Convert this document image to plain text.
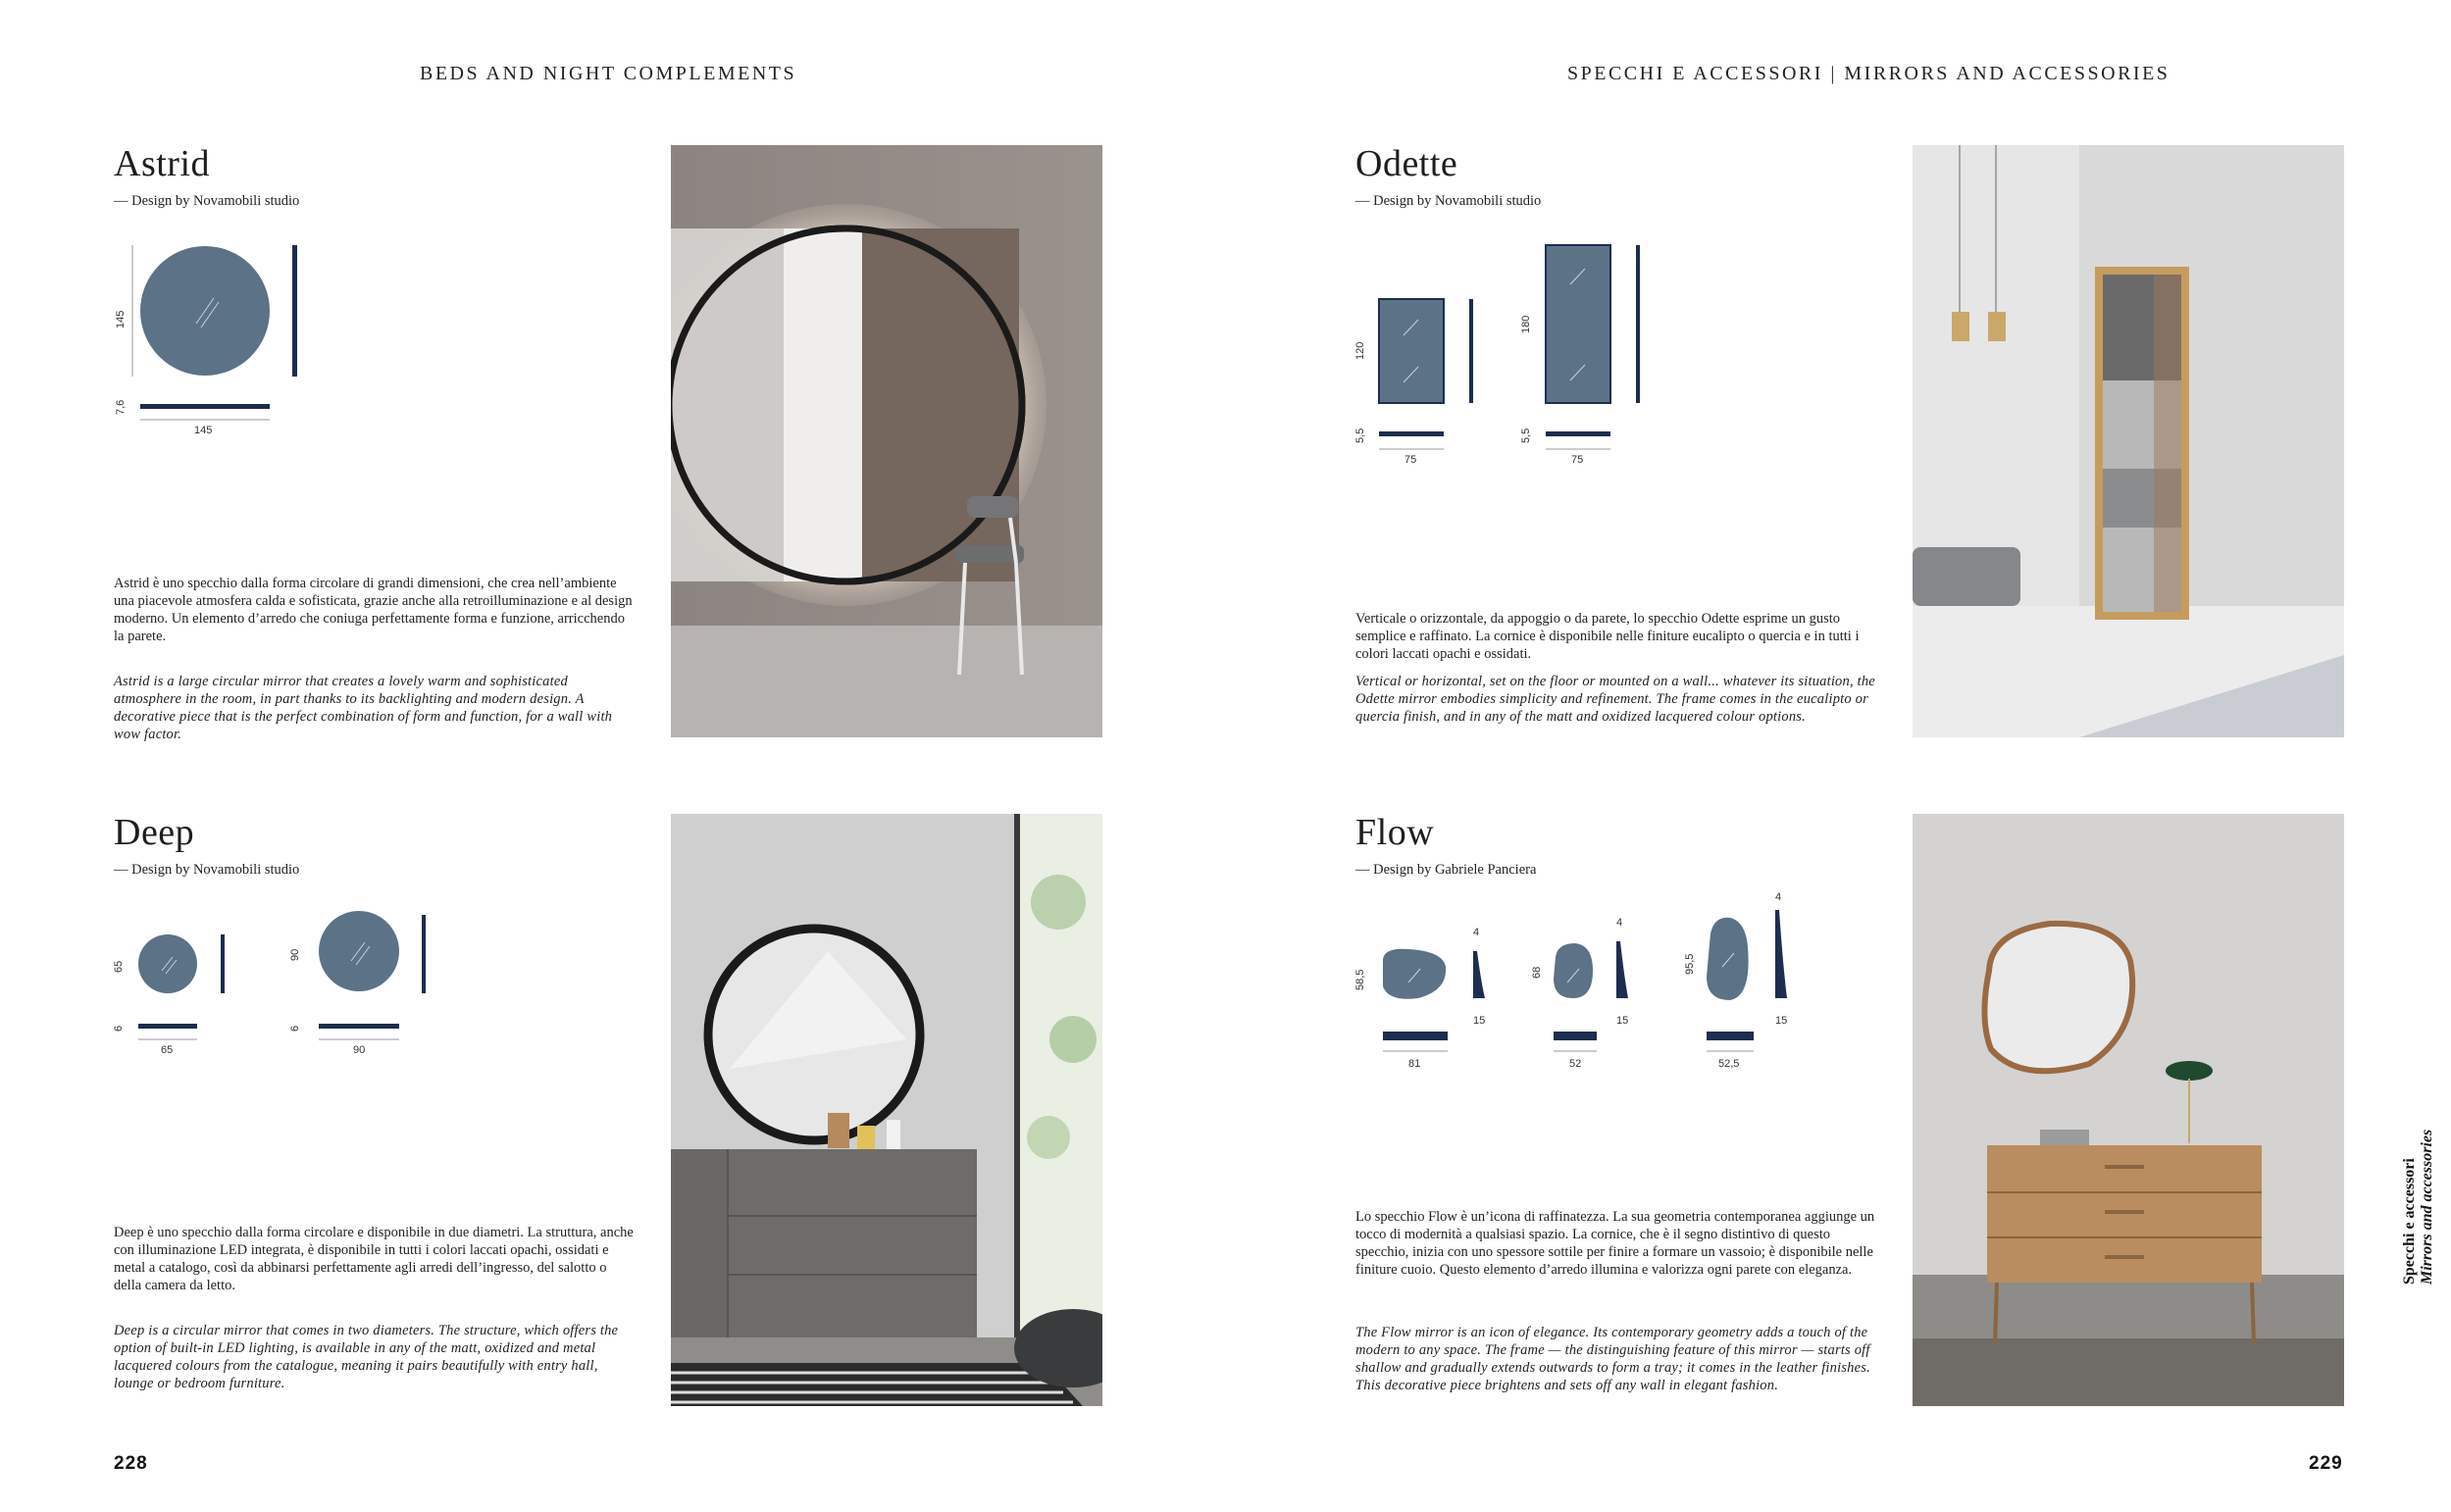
BEDS AND NIGHT COMPLEMENTS	SPECCHI E ACCESSORI | MIRRORS AND ACCESSORIES
Astrid
— Design by Novamobili studio
145
7,6
145
Astrid è uno specchio dalla forma circolare di grandi dimensioni, che crea nell’ambiente una piacevole atmosfera calda e sofisticata, grazie anche alla retroilluminazione e al design moderno. Un elemento d’arredo che coniuga perfettamente forma e funzione, arricchendo la parete.
Astrid is a large circular mirror that creates a lovely warm and sophisticated atmosphere in the room, in part thanks to its backlighting and modern design. A decorative piece that is the perfect combination of form and function, for a wall with wow factor.
Deep
— Design by Novamobili studio
65
6
65
90
6
90
Deep è uno specchio dalla forma circolare e disponibile in due diametri. La struttura, anche con illuminazione LED integrata, è disponibile in tutti i colori laccati opachi, ossidati e metal a catalogo, così da abbinarsi perfettamente agli arredi dell’ingresso, del salotto o della camera da letto.
Deep is a circular mirror that comes in two diameters. The structure, which offers the option of built-in LED lighting, is available in any of the matt, oxidized and metal lacquered colours from the catalogue, meaning it pairs beautifully with entry hall, lounge or bedroom furniture.
Odette
— Design by Novamobili studio
120
5,5
75
180
5,5
75
Verticale o orizzontale, da appoggio o da parete, lo specchio Odette esprime un gusto semplice e raffinato. La cornice è disponibile nelle finiture eucalipto o quercia e in tutti i colori laccati opachi e ossidati.
Vertical or horizontal, set on the floor or mounted on a wall... whatever its situation, the Odette mirror embodies simplicity and refinement. The frame comes in the eucalipto or quercia finish, and in any of the matt and oxidized lacquered colour options.
Flow
— Design by Gabriele Panciera
58,5
4
15
81
68
4
15
52
95,5
4
15
52,5
Lo specchio Flow è un’icona di raffinatezza. La sua geometria contemporanea aggiunge un tocco di modernità a qualsiasi spazio. La cornice, che è il segno distintivo di questo specchio, inizia con uno spessore sottile per finire a formare un vassoio; è disponibile nelle finiture cuoio. Questo elemento d’arredo illumina e valorizza ogni parete con eleganza.
The Flow mirror is an icon of elegance. Its contemporary geometry adds a touch of the modern to any space. The frame — the distinguishing feature of this mirror — starts off shallow and gradually extends outwards to form a tray; it comes in the leather finishes. This decorative piece brightens and sets off any wall in elegant fashion.
228	229
Specchi e accessori Mirrors and accessories
